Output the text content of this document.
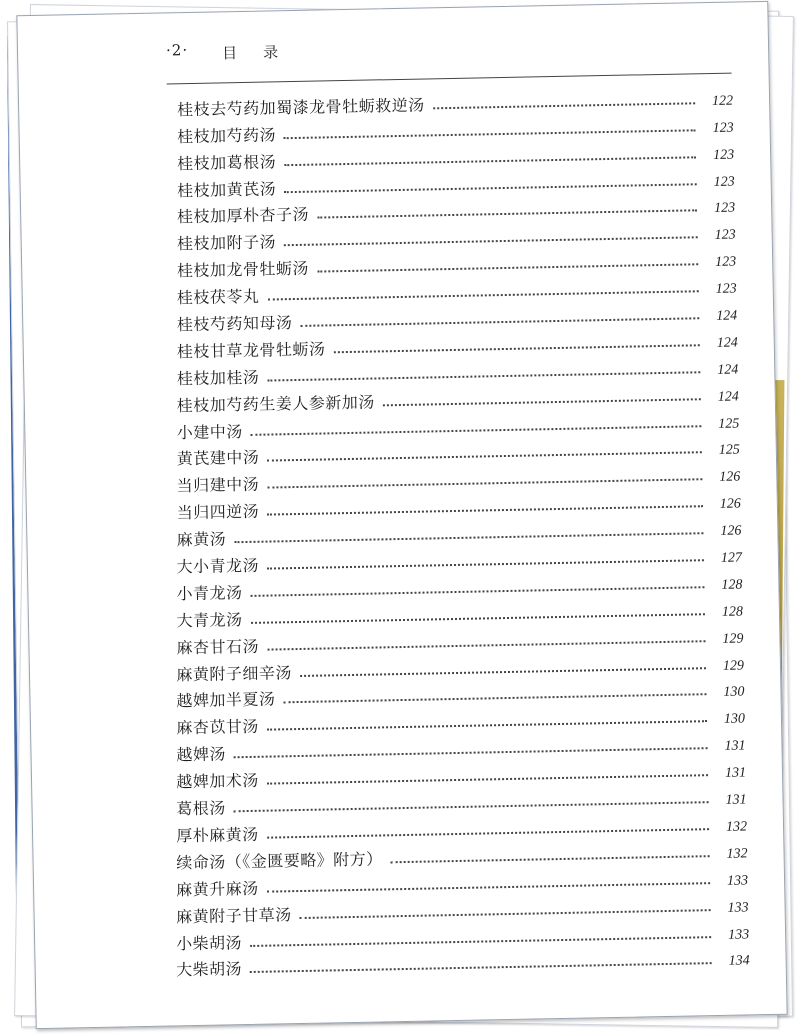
·2· 目录
桂枝去芍药加蜀漆龙骨牡蛎救逆汤	122
桂枝加芍药汤	123
桂枝加葛根汤	123
桂枝加黄芪汤	123
桂枝加厚朴杏子汤	123
桂枝加附子汤	123
桂枝加龙骨牡蛎汤	123
桂枝茯苓丸	123
桂枝芍药知母汤	124
桂枝甘草龙骨牡蛎汤	124
桂枝加桂汤	124
桂枝加芍药生姜人参新加汤	124
小建中汤	125
黄芪建中汤	125
当归建中汤	126
当归四逆汤	126
麻黄汤	126
大小青龙汤	127
小青龙汤	128
大青龙汤	128
麻杏甘石汤	129
麻黄附子细辛汤	129
越婢加半夏汤	130
麻杏苡甘汤	130
越婢汤	131
越婢加术汤	131
葛根汤	131
厚朴麻黄汤	132
续命汤（《金匮要略》附方）	132
麻黄升麻汤	133
麻黄附子甘草汤	133
小柴胡汤	133
大柴胡汤	134
